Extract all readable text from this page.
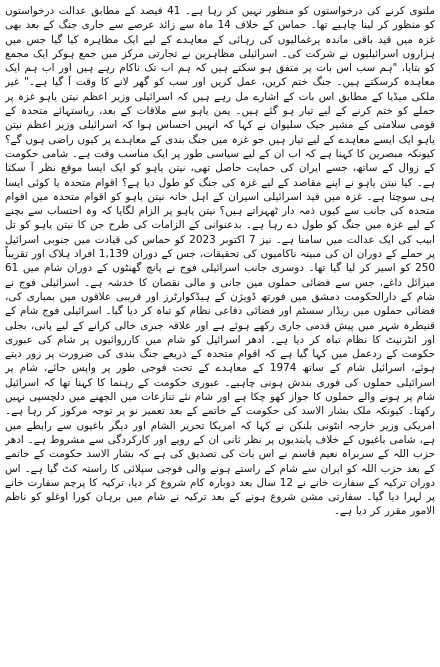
ملتوی کرنے کی درخواستوں کو منظور نہیں کر رہا ہے۔ 41 فیصد کے مطابق عدالت درخواستوں کو منظور کر لینا چاہیے تھا۔ حماس کے خلاف 14 ماہ سے زائد عرصے سے جاری جنگ کے بعد بھی غزہ میں قید باقی ماندہ یرغمالیوں کی رہائی کے معاہدے کے لیے ایک مظاہرہ کیا گیا جس میں ہزاروں اسرائیلیوں نے شرکت کی۔ اسرائیلی مظاہرین نے تجارتی مرکز میں جمع ہوکر ایک مجمع کو بتایا، "ہم سب اس بات پر متفق ہو سکتے ہیں کہ ہم اب تک ناکام رہے ہیں اور اب ہم ایک معاہدہ کرسکتے ہیں۔ جنگ ختم کریں، عمل کریں اور سب کو گھر لانے کا وقت آ گیا ہے۔" غیر ملکی میڈیا کے مطابق اس بات کے اشارے مل رہے ہیں کہ اسرائیلی وزیر اعظم نیتن یاہو غزہ پر حملے کو ختم کرنے کے لیے تیار ہو گئے ہیں۔ یمن یاہو سے ملاقات کے بعد، ریاستہائے متحدہ کے قومی سلامتی کے مشیر جیک سلیوان نے کہا کہ انہیں احساس ہوا کہ اسرائیلی وزیر اعظم نیتن یاہو ایک ایسے معاہدے کے لیے تیار ہیں جو غزہ میں جنگ بندی کے معاہدے پر کیوں راضی ہوں گے؟ کیونکہ مبصرین کا کہنا ہے کہ اب ان کے لیے سیاسی طور پر ایک مناسب وقت ہے۔ شامی حکومت کے زوال کے ساتھ، جسے ایران کی حمایت حاصل تھی، نیتن یاہو کو ایک ایسا موقع نظر آ سکتا ہے۔ کیا نیتن یاہو نے اپنے مقاصد کے لیے غزہ کی جنگ کو طول دیا ہے؟ اقوام متحدہ یا کوئی ایسا ہی سوچتا ہے۔ غزہ میں قید اسرائیلی اسیران کے اہل خانہ نیتن یاہو کو اقوام متحدہ میں اقوام متحدہ کی جانب سے کیوں ذمہ دار ٹھہراتے ہیں؟ نیتن یاہو پر الزام لگایا کہ وہ احتساب سے بچنے کے لیے غزہ میں جنگ کو طول دے رہا ہے۔ بدعنوانی کے الزامات کی طرح جن کا نیتن یاہو کو تل ابیب کی ایک عدالت میں سامنا ہے۔ نیز 7 اکتوبر 2023 کو حماس کی قیادت میں جنوبی اسرائیل پر حملے کے دوران ان کی مبینہ ناکامیوں کی تحقیقات، جس کے دوران 1,139 افراد ہلاک اور تقریباً 250 کو اسیر کر لیا گیا تھا۔ دوسری جانب اسرائیلی فوج نے پانچ گھنٹوں کے دوران شام میں 61 میزائل داغے، جس سے فضائی حملوں میں جانی و مالی نقصان کا خدشہ ہے۔ اسرائیلی فوج نے شام کے دارالحکومت دمشق میں فورتھ ڈویژن کے ہیڈکوارٹرز اور قریبی علاقوں میں بمباری کی، فضائی حملوں میں ریڈار سسٹم اور فضائی دفاعی نظام کو تباہ کر دیا گیا۔ اسرائیلی فوج شام کے قنیطرہ شہر میں پیش قدمی جاری رکھے ہوئے ہے اور علاقہ جبری خالی کرانے کے لیے پانی، بجلی اور انٹرنیٹ کا نظام تباہ کر دیا ہے۔ ادھر اسرائیل کو شام میں کارروائیوں پر شام کی عبوری حکومت کے ردعمل میں کہا گیا ہے کہ اقوام متحدہ کے ذریعے جنگ بندی کی ضرورت پر زور دیتے ہوئے، اسرائیل شام کے ساتھ 1974 کے معاہدے کے تحت فوجی طور پر واپس جائے، شام پر اسرائیلی حملوں کی فوری بندش ہونی چاہیے۔ عبوری حکومت کے رہنما کا کہنا تھا کہ اسرائیل شام پر ہونے والے حملوں کا جواز کھو چکا ہے اور شام نئے تنازعات میں الجھنے میں دلچسپی نہیں رکھتا۔ کیونکہ ملک بشار الاسد کی حکومت کے خاتمے کے بعد تعمیر نو پر توجہ مرکوز کر رہا ہے۔ امریکی وزیر خارجہ انٹونی بلنکن نے کہا کہ امریکا تحریر الشام اور دیگر باغیوں سے رابطے میں ہے، شامی باغیوں کے خلاف پابندیوں پر نظر ثانی ان کے رویے اور کارکردگی سے مشروط ہے۔ ادھر حزب اللہ کے سربراہ نعیم قاسم نے اس بات کی تصدیق کی ہے کہ بشار الاسد حکومت کے خاتمے کے بعد حزب اللہ کو ایران سے شام کے راستے ہونے والی فوجی سپلائی کا راستہ کٹ گیا ہے۔ اس دوران ترکیہ کے سفارت خانے نے 12 سال بعد دوبارہ کام شروع کر دیا، ترکیہ کا پرچم سفارت خانے پر لہرا دیا گیا۔ سفارتی مشن شروع ہونے کے بعد ترکیہ نے شام میں برہان کورا اوغلو کو ناظم الامور مقرر کر دیا ہے۔
